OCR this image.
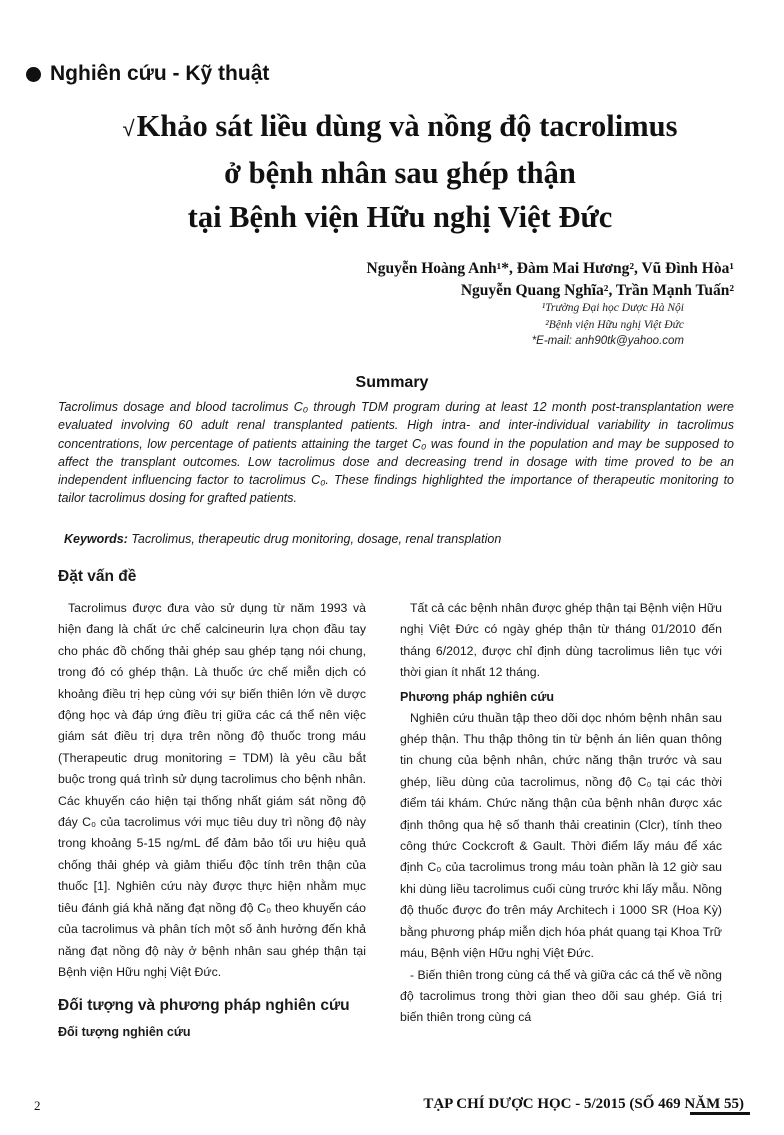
Nghiên cứu - Kỹ thuật
√Khảo sát liều dùng và nồng độ tacrolimus
ở bệnh nhân sau ghép thận
tại Bệnh viện Hữu nghị Việt Đức
Nguyễn Hoàng Anh¹*, Đàm Mai Hương², Vũ Đình Hòa¹
Nguyễn Quang Nghĩa², Trần Mạnh Tuấn²
¹Trường Đại học Dược Hà Nội
²Bệnh viện Hữu nghị Việt Đức
*E-mail: anh90tk@yahoo.com
Summary
Tacrolimus dosage and blood tacrolimus C₀ through TDM program during at least 12 month post-transplantation were evaluated involving 60 adult renal transplanted patients. High intra- and inter-individual variability in tacrolimus concentrations, low percentage of patients attaining the target C₀ was found in the population and may be supposed to affect the transplant outcomes. Low tacrolimus dose and decreasing trend in dosage with time proved to be an independent influencing factor to tacrolimus C₀. These findings highlighted the importance of therapeutic monitoring to tailor tacrolimus dosing for grafted patients.
Keywords: Tacrolimus, therapeutic drug monitoring, dosage, renal transplation

Đặt vấn đề

Tacrolimus được đưa vào sử dụng từ năm 1993 và hiện đang là chất ức chế calcineurin lựa chọn đầu tay cho phác đồ chống thải ghép sau ghép tạng nói chung, trong đó có ghép thận. Là thuốc ức chế miễn dịch có khoảng điều trị hẹp cùng với sự biến thiên lớn về dược động học và đáp ứng điều trị giữa các cá thể nên việc giám sát điều trị dựa trên nồng độ thuốc trong máu (Therapeutic drug monitoring = TDM) là yêu cầu bắt buộc trong quá trình sử dụng tacrolimus cho bệnh nhân. Các khuyến cáo hiện tại thống nhất giám sát nồng độ đáy C₀ của tacrolimus với mục tiêu duy trì nồng độ này trong khoảng 5-15 ng/mL để đảm bảo tối ưu hiệu quả chống thải ghép và giảm thiểu độc tính trên thận của thuốc [1]. Nghiên cứu này được thực hiện nhằm mục tiêu đánh giá khả năng đạt nồng độ C₀ theo khuyến cáo của tacrolimus và phân tích một số ảnh hưởng đến khả năng đạt nồng độ này ở bệnh nhân sau ghép thận tại Bệnh viện Hữu nghị Việt Đức.

Đối tượng và phương pháp nghiên cứu

Đối tượng nghiên cứu

Tất cả các bệnh nhân được ghép thận tại Bệnh viện Hữu nghị Việt Đức có ngày ghép thận từ tháng 01/2010 đến tháng 6/2012, được chỉ định dùng tacrolimus liên tục với thời gian ít nhất 12 tháng.

Phương pháp nghiên cứu

Nghiên cứu thuần tập theo dõi dọc nhóm bệnh nhân sau ghép thận. Thu thập thông tin từ bệnh án liên quan thông tin chung của bệnh nhân, chức năng thận trước và sau ghép, liều dùng của tacrolimus, nồng độ C₀ tại các thời điểm tái khám. Chức năng thận của bệnh nhân được xác định thông qua hệ số thanh thải creatinin (Clcr), tính theo công thức Cockcroft & Gault. Thời điểm lấy máu để xác định C₀ của tacrolimus trong máu toàn phần là 12 giờ sau khi dùng liều tacrolimus cuối cùng trước khi lấy mẫu. Nồng độ thuốc được đo trên máy Architech i 1000 SR (Hoa Kỳ) bằng phương pháp miễn dịch hóa phát quang tại Khoa Trữ máu, Bệnh viện Hữu nghị Việt Đức.

- Biến thiên trong cùng cá thể và giữa các cá thể về nồng độ tacrolimus trong thời gian theo dõi sau ghép. Giá trị biến thiên trong cùng cá

2	TẠP CHÍ DƯỢC HỌC - 5/2015 (SỐ 469 NĂM 55)
